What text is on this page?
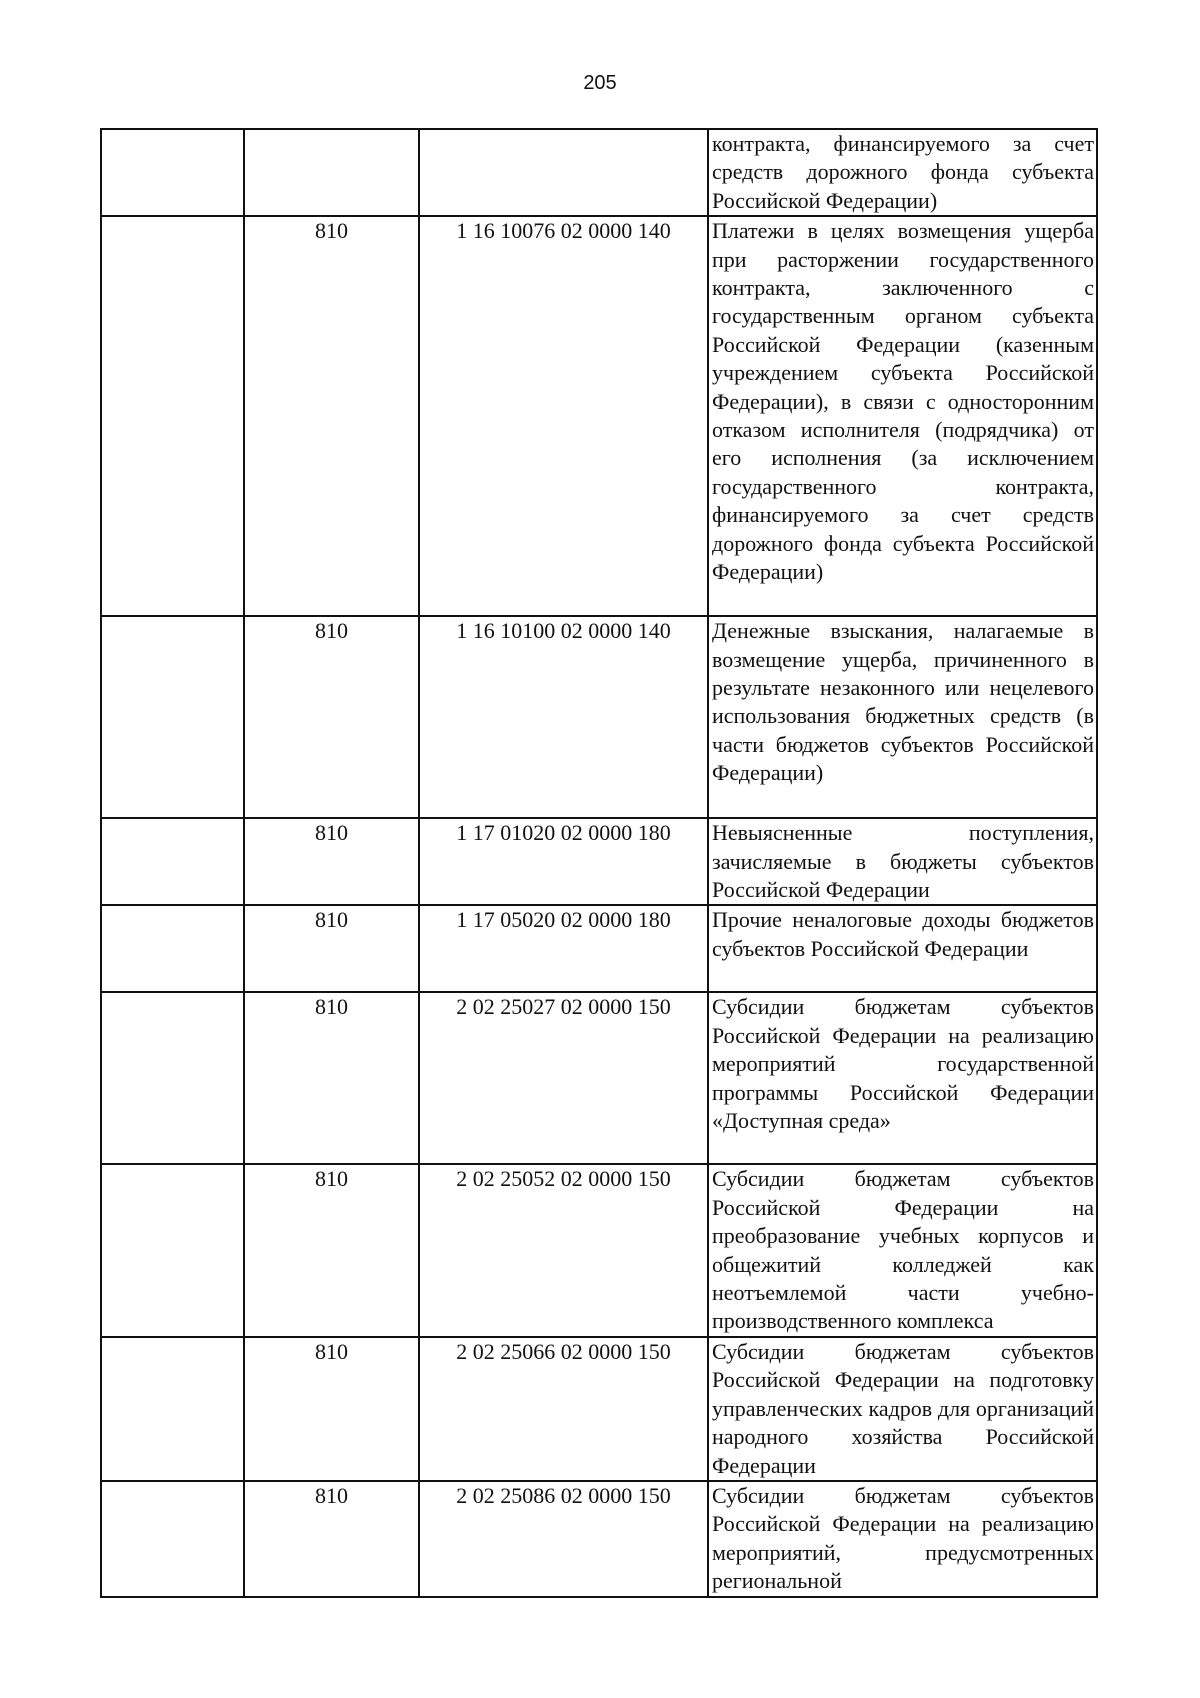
205
			контракта, финансируемого за счет средств дорожного фонда субъекта Российской Федерации)
	810	1 16 10076 02 0000 140	Платежи в целях возмещения ущерба при расторжении государственного контракта, заключенного с государственным органом субъекта Российской Федерации (казенным учреждением субъекта Российской Федерации), в связи с односторонним отказом исполнителя (подрядчика) от его исполнения (за исключением государственного контракта, финансируемого за счет средств дорожного фонда субъекта Российской Федерации)
	810	1 16 10100 02 0000 140	Денежные взыскания, налагаемые в возмещение ущерба, причиненного в результате незаконного или нецелевого использования бюджетных средств (в части бюджетов субъектов Российской Федерации)
	810	1 17 01020 02 0000 180	Невыясненные поступления, зачисляемые в бюджеты субъектов Российской Федерации
	810	1 17 05020 02 0000 180	Прочие неналоговые доходы бюджетов субъектов Российской Федерации
	810	2 02 25027 02 0000 150	Субсидии бюджетам субъектов Российской Федерации на реализацию мероприятий государственной программы Российской Федерации «Доступная среда»
	810	2 02 25052 02 0000 150	Субсидии бюджетам субъектов Российской Федерации на преобразование учебных корпусов и общежитий колледжей как неотъемлемой части учебно-производственного комплекса
	810	2 02 25066 02 0000 150	Субсидии бюджетам субъектов Российской Федерации на подготовку управленческих кадров для организаций народного хозяйства Российской Федерации
	810	2 02 25086 02 0000 150	Субсидии бюджетам субъектов Российской Федерации на реализацию мероприятий, предусмотренных региональной
